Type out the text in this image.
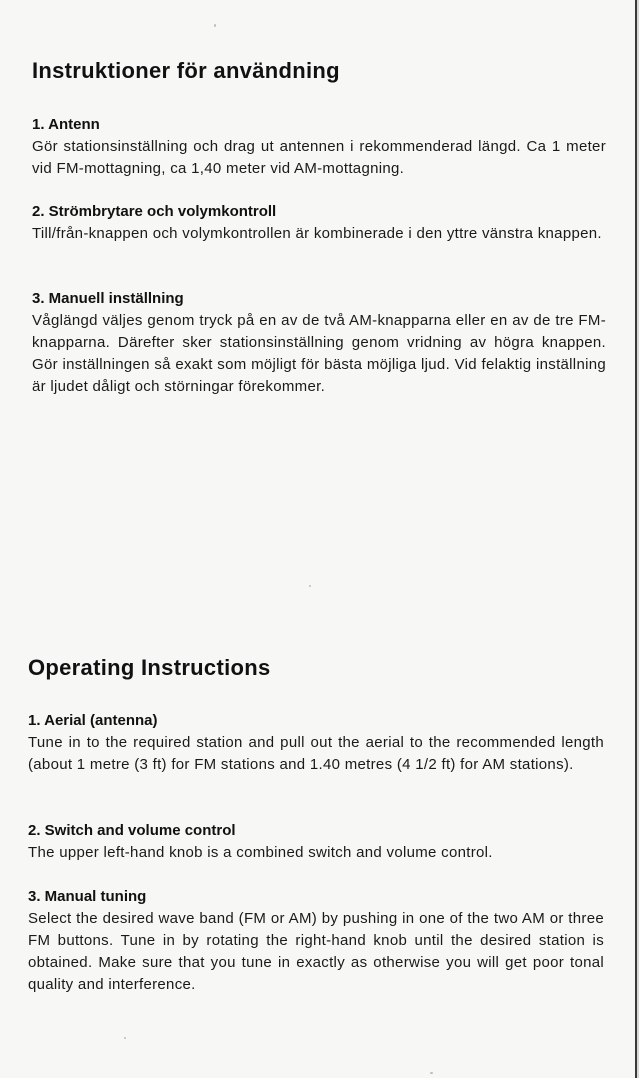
Instruktioner för användning

1. Antenn

Gör stationsinställning och drag ut antennen i rekommenderad längd. Ca 1 meter vid FM-mottagning, ca 1,40 meter vid AM-mottagning.

2. Strömbrytare och volymkontroll

Till/från-knappen och volymkontrollen är kombinerade i den yttre vänstra knappen.

3. Manuell inställning

Våglängd väljes genom tryck på en av de två AM-knapparna eller en av de tre FM-knapparna. Därefter sker stationsinställning genom vridning av högra knappen. Gör inställningen så exakt som möjligt för bästa möjliga ljud. Vid felaktig inställning är ljudet dåligt och störningar förekommer.

Operating Instructions

1. Aerial (antenna)

Tune in to the required station and pull out the aerial to the recommended length (about 1 metre (3 ft) for FM stations and 1.40 metres (4 1/2 ft) for AM stations).

2. Switch and volume control

The upper left-hand knob is a combined switch and volume control.

3. Manual tuning

Select the desired wave band (FM or AM) by pushing in one of the two AM or three FM buttons. Tune in by rotating the right-hand knob until the desired station is obtained. Make sure that you tune in exactly as otherwise you will get poor tonal quality and interference.
